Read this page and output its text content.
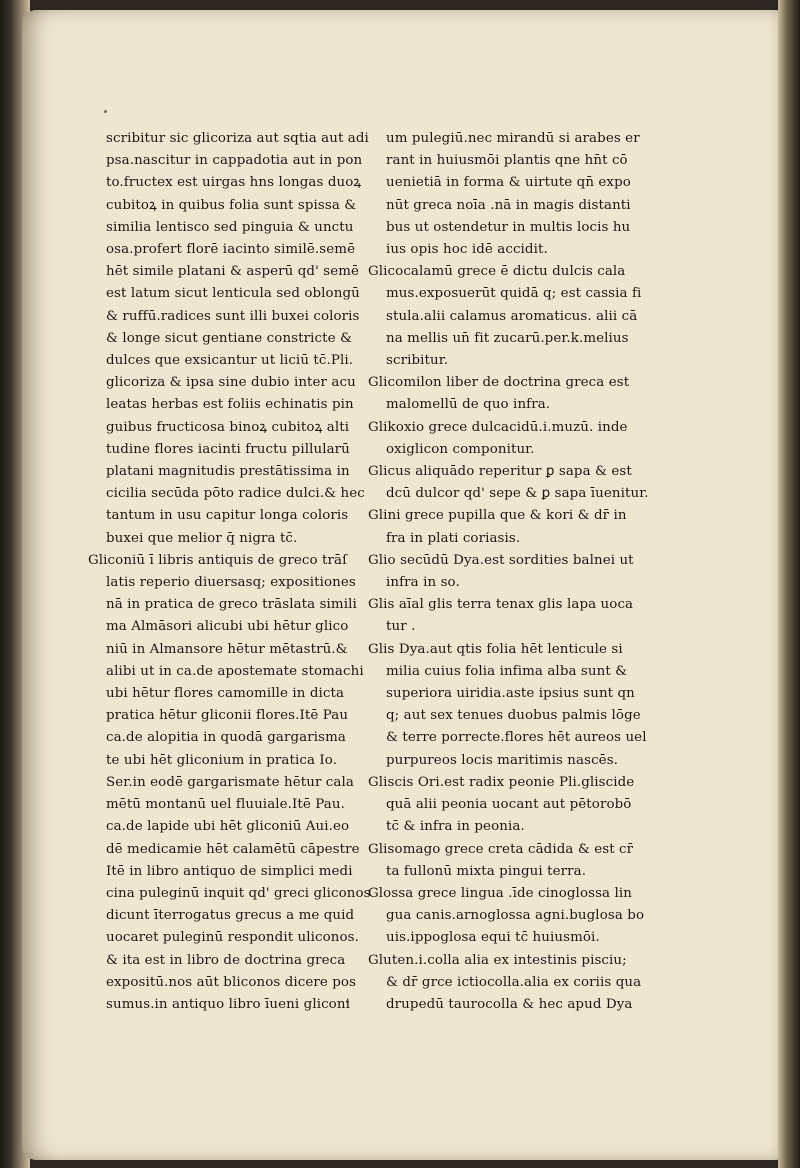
scribitur sic glicoriza aut sqtia aut adi
psa.nascitur in cappadotia aut in pon
to.fructex est uirgas hns longas duoꝝ
cubitoꝝ in quibus folia sunt spissa &
similia lentisco sed pinguia & unctu
osa.profert florē iacinto similē.semē
hēt simile platani & asperū qd' semē
est latum sicut lenticula sed oblongū
& ruffū.radices sunt illi buxei coloris
& longe sicut gentiane constricte &
dulces que exsicantur ut liciū tc̄.Pli.
glicoriza & ipsa sine dubio inter acu
leatas herbas est foliis echinatis pin
guibus fructicosa binoꝝ cubitoꝝ alti
tudine flores iacinti fructu pillularū
platani magnitudis prestātissima in
cicilia secūda pōto radice dulci.& hec
tantum in usu capitur longa coloris
buxei que melior q̄ nigra tc̄.
Gliconiū ī libris antiquis de greco trāſ
latis reperio diuersasq; expositiones
nā in pratica de greco trāslata simili
ma Almāsori alicubi ubi hētur glico
niū in Almansore hētur mētastrū.&
alibi ut in ca.de apostemate stomachi
ubi hētur flores camomille in dicta
pratica hētur gliconii flores.Itē Pau
ca.de alopitia in quodā gargarisma
te ubi hēt gliconium in pratica Io.
Ser.in eodē gargarismate hētur cala
mētū montanū uel fluuiale.Itē Pau.
ca.de lapide ubi hēt gliconiū Aui.eo
dē medicamie hēt calamētū cāpestre
Itē in libro antiquo de simplici medi
cina puleginū inquit qd' greci gliconos
dicunt īterrogatus grecus a me quid
uocaret puleginū respondit uliconos.
& ita est in libro de doctrina greca
expositū.nos aūt bliconos dicere pos
sumus.in antiquo libro īueni gliconi
um pulegiū.nec mirandū si arabes er
rant in huiusmōi plantis qne hn̄t cō
uenietiā in forma & uirtute qn̄ expo
nūt greca noīa .nā in magis distanti
bus ut ostendetur in multis locis hu
ius opis hoc idē accidit.
Glicocalamū grece ē dictu dulcis cala
mus.exposuerūt quidā q; est cassia fi
stula.alii calamus aromaticus. alii cā
na mellis un̄ fit zucarū.per.k.melius
scribitur.
Glicomilon liber de doctrina greca est
malomellū de quo infra.
Glikoxio grece dulcacidū.i.muzū. inde
oxiglicon componitur.
Glicus aliquādo reperitur ꝑ sapa & est
dcū dulcor qd' sepe & ꝑ sapa īuenitur.
Glini grece pupilla que & kori & dr̄ in
fra in plati coriasis.
Glio secūdū Dya.est sordities balnei ut
infra in so.
Glis aīal glis terra tenax glis lapa uoca
tur .
Glis Dya.aut qtis folia hēt lenticule si
milia cuius folia infima alba sunt &
superiora uiridia.aste ipsius sunt qn
q; aut sex tenues duobus palmis lōge
& terre porrecte.flores hēt aureos uel
purpureos locis maritimis nascēs.
Gliscis Ori.est radix peonie Pli.gliscide
quā alii peonia uocant aut pētorobō
tc̄ & infra in peonia.
Glisomago grece creta cādida & est cr̄
ta fullonū mixta pingui terra.
Glossa grece lingua .īde cinoglossa lin
gua canis.arnoglossa agni.buglosa bo
uis.ippoglosa equi tc̄ huiusmōi.
Gluten.i.colla alia ex intestinis pisciu;
& dr̄ grce ictiocolla.alia ex coriis qua
drupedū taurocolla & hec apud Dya
